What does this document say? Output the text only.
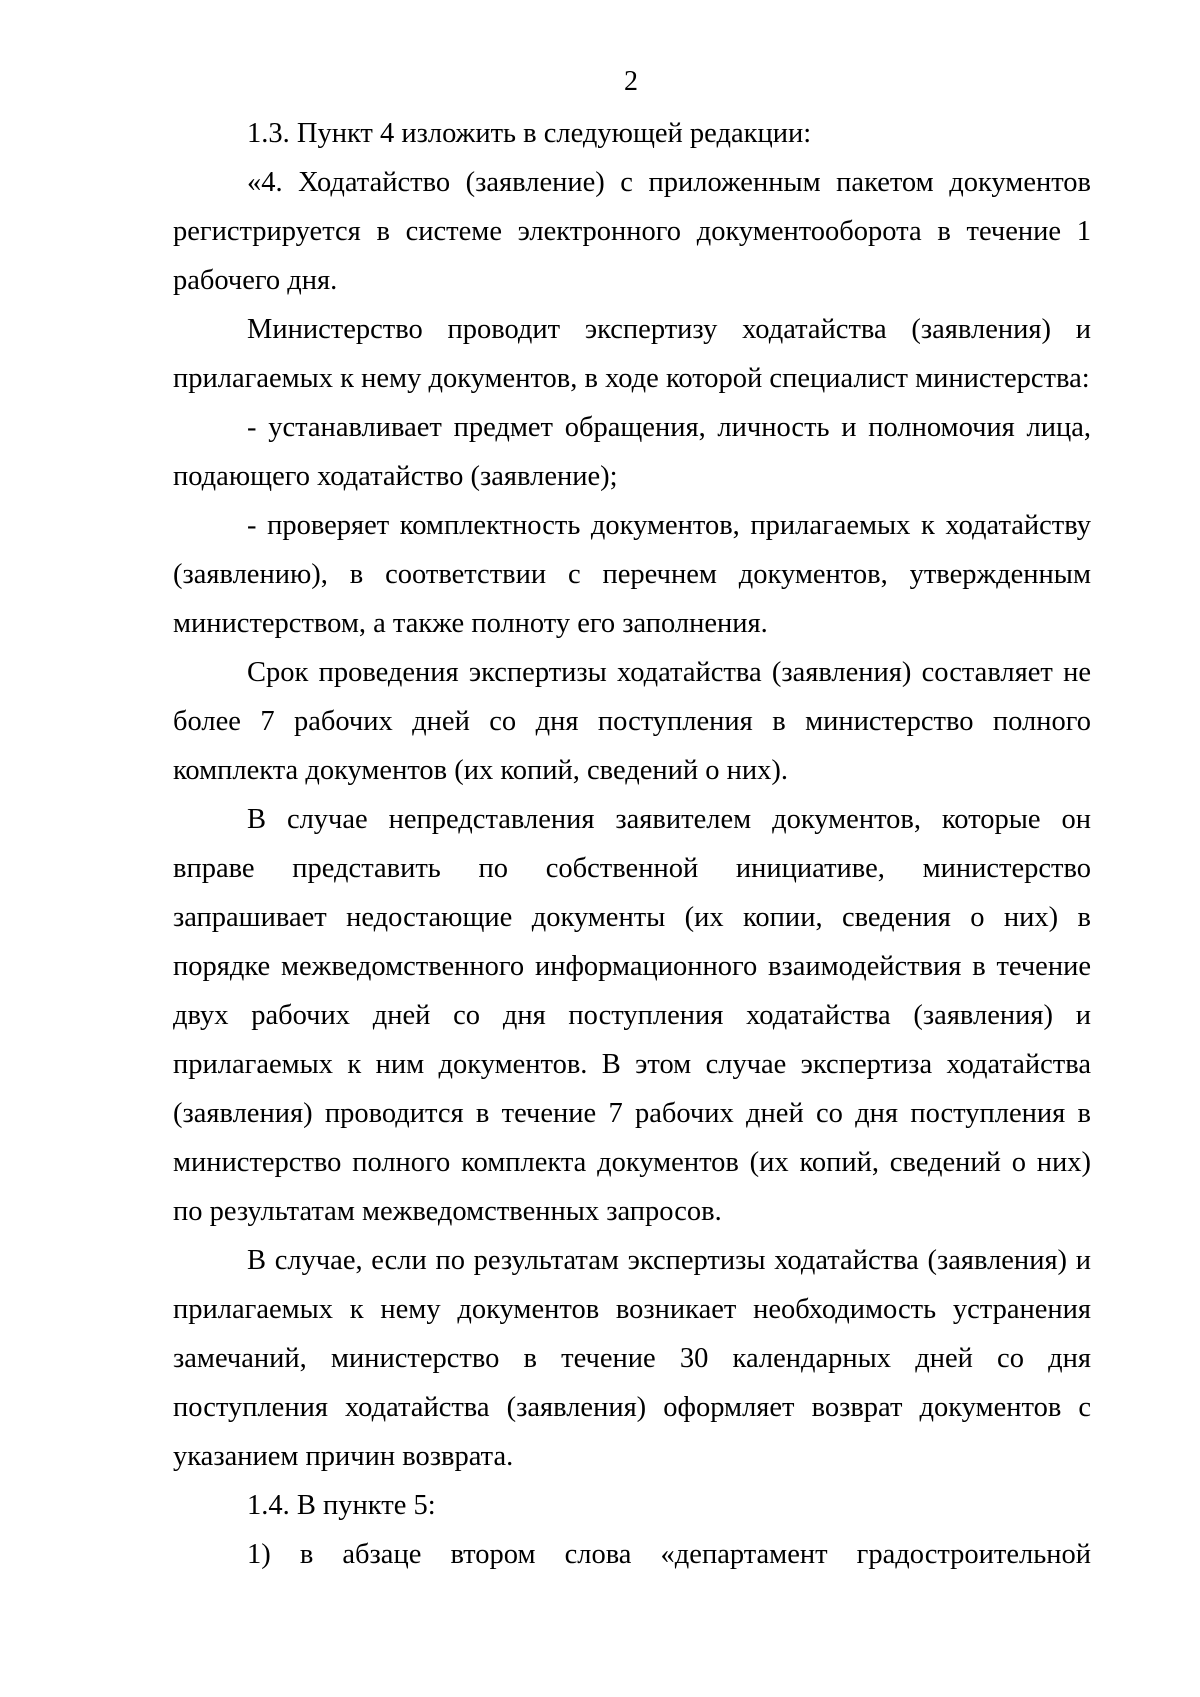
2

1.3. Пункт 4 изложить в следующей редакции:

«4. Ходатайство (заявление) с приложенным пакетом документов регистрируется в системе электронного документооборота в течение 1 рабочего дня.

Министерство проводит экспертизу ходатайства (заявления) и прилагаемых к нему документов, в ходе которой специалист министерства:

- устанавливает предмет обращения, личность и полномочия лица, подающего ходатайство (заявление);

- проверяет комплектность документов, прилагаемых к ходатайству (заявлению), в соответствии с перечнем документов, утвержденным министерством, а также полноту его заполнения.

Срок проведения экспертизы ходатайства (заявления) составляет не более 7 рабочих дней со дня поступления в министерство полного комплекта документов (их копий, сведений о них).

В случае непредставления заявителем документов, которые он вправе представить по собственной инициативе, министерство запрашивает недостающие документы (их копии, сведения о них) в порядке межведомственного информационного взаимодействия в течение двух рабочих дней со дня поступления ходатайства (заявления) и прилагаемых к ним документов. В этом случае экспертиза ходатайства (заявления) проводится в течение 7 рабочих дней со дня поступления в министерство полного комплекта документов (их копий, сведений о них) по результатам межведомственных запросов.

В случае, если по результатам экспертизы ходатайства (заявления) и прилагаемых к нему документов возникает необходимость устранения замечаний, министерство в течение 30 календарных дней со дня поступления ходатайства (заявления) оформляет возврат документов с указанием причин возврата.

1.4. В пункте 5:

1) в абзаце втором слова «департамент градостроительной
